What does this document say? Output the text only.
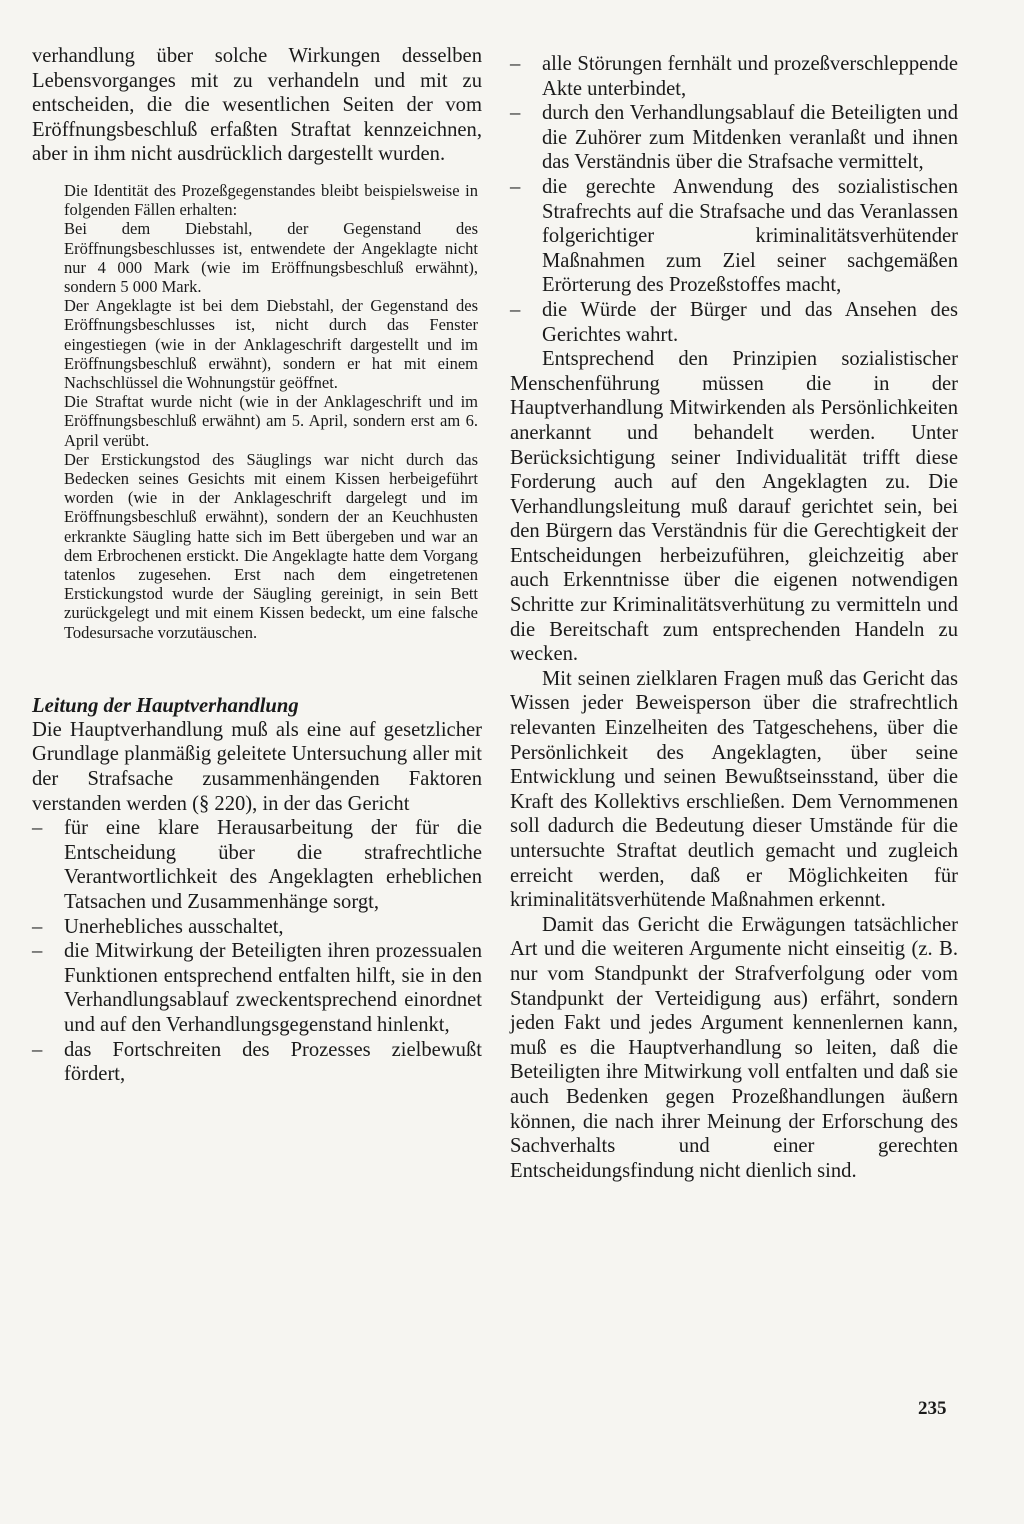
verhandlung über solche Wirkungen desselben Lebensvorganges mit zu verhandeln und mit zu entscheiden, die die wesentlichen Seiten der vom Eröffnungsbeschluß erfaßten Straftat kennzeichnen, aber in ihm nicht ausdrücklich dargestellt wurden.

Die Identität des Prozeßgegenstandes bleibt beispielsweise in folgenden Fällen erhalten:

Bei dem Diebstahl, der Gegenstand des Eröffnungsbeschlusses ist, entwendete der Angeklagte nicht nur 4 000 Mark (wie im Eröffnungsbeschluß erwähnt), sondern 5 000 Mark.

Der Angeklagte ist bei dem Diebstahl, der Gegenstand des Eröffnungsbeschlusses ist, nicht durch das Fenster eingestiegen (wie in der Anklageschrift dargestellt und im Eröffnungsbeschluß erwähnt), sondern er hat mit einem Nachschlüssel die Wohnungstür geöffnet.

Die Straftat wurde nicht (wie in der Anklageschrift und im Eröffnungsbeschluß erwähnt) am 5. April, sondern erst am 6. April verübt.

Der Erstickungstod des Säuglings war nicht durch das Bedecken seines Gesichts mit einem Kissen herbeigeführt worden (wie in der Anklageschrift dargelegt und im Eröffnungsbeschluß erwähnt), sondern der an Keuchhusten erkrankte Säugling hatte sich im Bett übergeben und war an dem Erbrochenen erstickt. Die Angeklagte hatte dem Vorgang tatenlos zugesehen. Erst nach dem eingetretenen Erstickungstod wurde der Säugling gereinigt, in sein Bett zurückgelegt und mit einem Kissen bedeckt, um eine falsche Todesursache vorzutäuschen.

Leitung der Hauptverhandlung

Die Hauptverhandlung muß als eine auf gesetzlicher Grundlage planmäßig geleitete Untersuchung aller mit der Strafsache zusammenhängenden Faktoren verstanden werden (§ 220), in der das Gericht

– für eine klare Herausarbeitung der für die Entscheidung über die strafrechtliche Verantwortlichkeit des Angeklagten erheblichen Tatsachen und Zusammenhänge sorgt,
– Unerhebliches ausschaltet,
– die Mitwirkung der Beteiligten ihren prozessualen Funktionen entsprechend entfalten hilft, sie in den Verhandlungsablauf zweckentsprechend einordnet und auf den Verhandlungsgegenstand hinlenkt,
– das Fortschreiten des Prozesses zielbewußt fördert,
– alle Störungen fernhält und prozeßverschleppende Akte unterbindet,
– durch den Verhandlungsablauf die Beteiligten und die Zuhörer zum Mitdenken veranlaßt und ihnen das Verständnis über die Strafsache vermittelt,
– die gerechte Anwendung des sozialistischen Strafrechts auf die Strafsache und das Veranlassen folgerichtiger kriminalitätsverhütender Maßnahmen zum Ziel seiner sachgemäßen Erörterung des Prozeßstoffes macht,
– die Würde der Bürger und das Ansehen des Gerichtes wahrt.

Entsprechend den Prinzipien sozialistischer Menschenführung müssen die in der Hauptverhandlung Mitwirkenden als Persönlichkeiten anerkannt und behandelt werden. Unter Berücksichtigung seiner Individualität trifft diese Forderung auch auf den Angeklagten zu. Die Verhandlungsleitung muß darauf gerichtet sein, bei den Bürgern das Verständnis für die Gerechtigkeit der Entscheidungen herbeizuführen, gleichzeitig aber auch Erkenntnisse über die eigenen notwendigen Schritte zur Kriminalitätsverhütung zu vermitteln und die Bereitschaft zum entsprechenden Handeln zu wecken.

Mit seinen zielklaren Fragen muß das Gericht das Wissen jeder Beweisperson über die strafrechtlich relevanten Einzelheiten des Tatgeschehens, über die Persönlichkeit des Angeklagten, über seine Entwicklung und seinen Bewußtseinsstand, über die Kraft des Kollektivs erschließen. Dem Vernommenen soll dadurch die Bedeutung dieser Umstände für die untersuchte Straftat deutlich gemacht und zugleich erreicht werden, daß er Möglichkeiten für kriminalitätsverhütende Maßnahmen erkennt.

Damit das Gericht die Erwägungen tatsächlicher Art und die weiteren Argumente nicht einseitig (z. B. nur vom Standpunkt der Strafverfolgung oder vom Standpunkt der Verteidigung aus) erfährt, sondern jeden Fakt und jedes Argument kennenlernen kann, muß es die Hauptverhandlung so leiten, daß die Beteiligten ihre Mitwirkung voll entfalten und daß sie auch Bedenken gegen Prozeßhandlungen äußern können, die nach ihrer Meinung der Erforschung des Sachverhalts und einer gerechten Entscheidungsfindung nicht dienlich sind.

235
